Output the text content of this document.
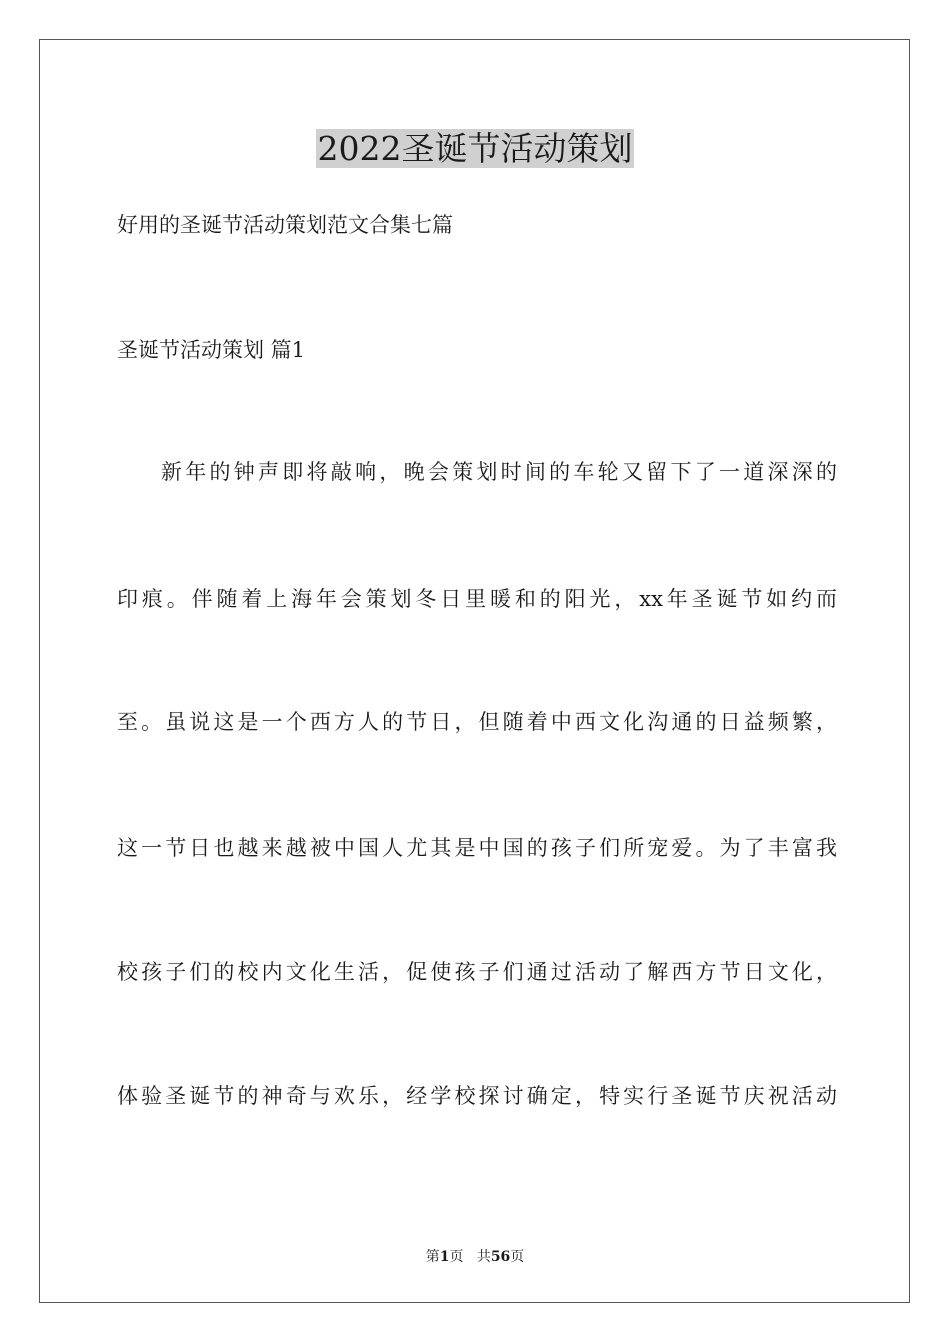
2022圣诞节活动策划
好用的圣诞节活动策划范文合集七篇
圣诞节活动策划 篇1
新年的钟声即将敲响，晚会策划时间的车轮又留下了一道深深的
印痕。伴随着上海年会策划冬日里暖和的阳光，xx年圣诞节如约而
至。虽说这是一个西方人的节日，但随着中西文化沟通的日益频繁，
这一节日也越来越被中国人尤其是中国的孩子们所宠爱。为了丰富我
校孩子们的校内文化生活，促使孩子们通过活动了解西方节日文化，
体验圣诞节的神奇与欢乐，经学校探讨确定，特实行圣诞节庆祝活动
第1页 共56页
